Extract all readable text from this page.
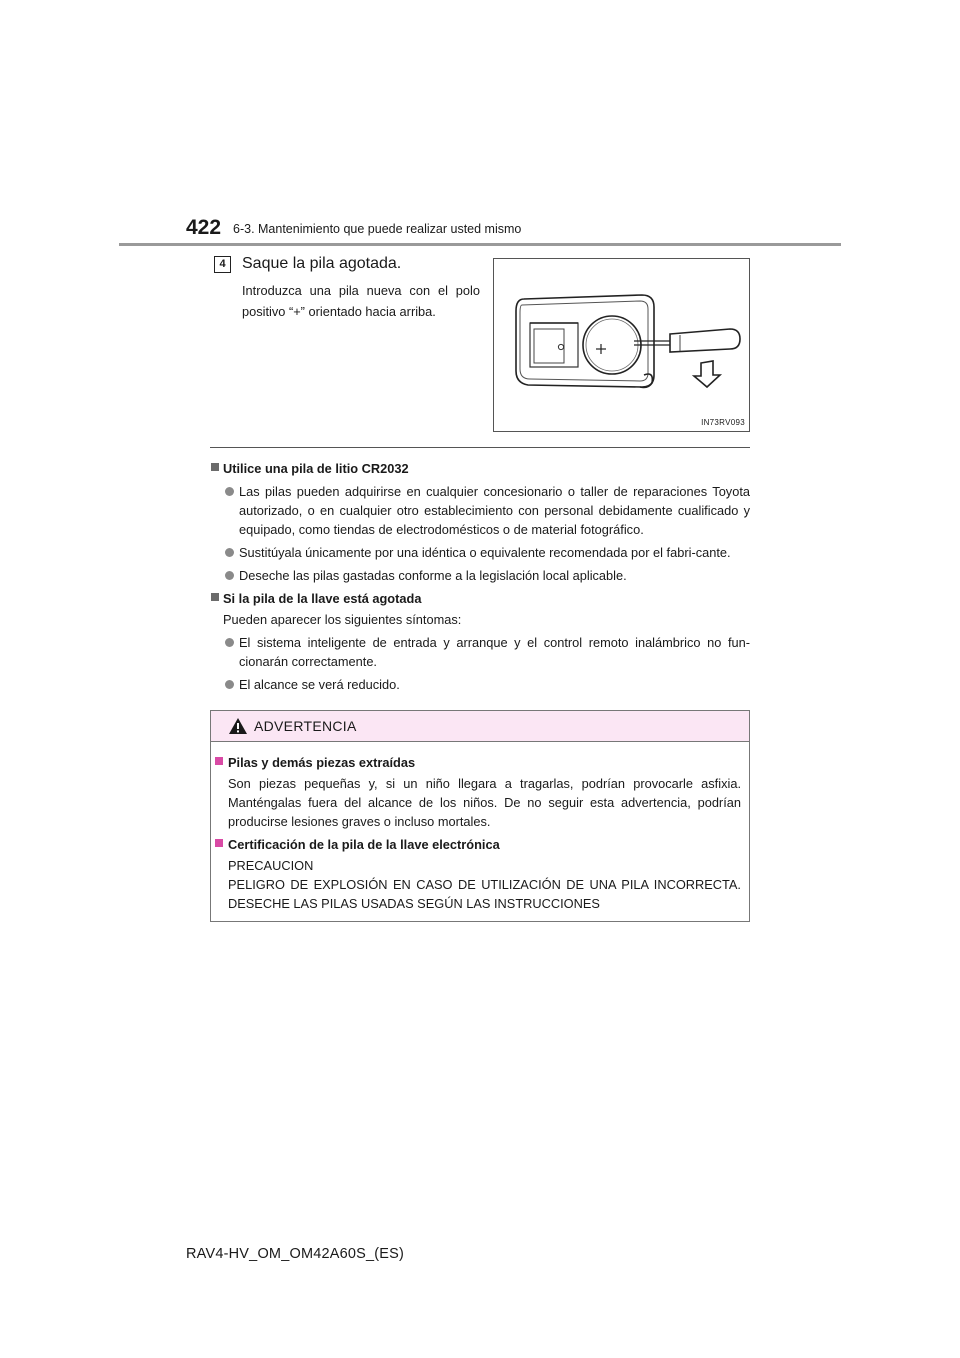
422 6-3. Mantenimiento que puede realizar usted mismo
4	Saque la pila agotada.
Introduzca una pila nueva con el polo positivo “+” orientado hacia arriba.
IN73RV093
Utilice una pila de litio CR2032
Las pilas pueden adquirirse en cualquier concesionario o taller de reparaciones Toyota autorizado, o en cualquier otro establecimiento con personal debidamente cualificado y equipado, como tiendas de electrodomésticos o de material fotográfico.
Sustitúyala únicamente por una idéntica o equivalente recomendada por el fabri-cante.
Deseche las pilas gastadas conforme a la legislación local aplicable.
Si la pila de la llave está agotada
Pueden aparecer los siguientes síntomas:
El sistema inteligente de entrada y arranque y el control remoto inalámbrico no fun-cionarán correctamente.
El alcance se verá reducido.
ADVERTENCIA
Pilas y demás piezas extraídas
Son piezas pequeñas y, si un niño llegara a tragarlas, podrían provocarle asfixia. Manténgalas fuera del alcance de los niños. De no seguir esta advertencia, podrían producirse lesiones graves o incluso mortales.
Certificación de la pila de la llave electrónica
PRECAUCION
PELIGRO DE EXPLOSIÓN EN CASO DE UTILIZACIÓN DE UNA PILA INCORRECTA. DESECHE LAS PILAS USADAS SEGÚN LAS INSTRUCCIONES
RAV4-HV_OM_OM42A60S_(ES)
